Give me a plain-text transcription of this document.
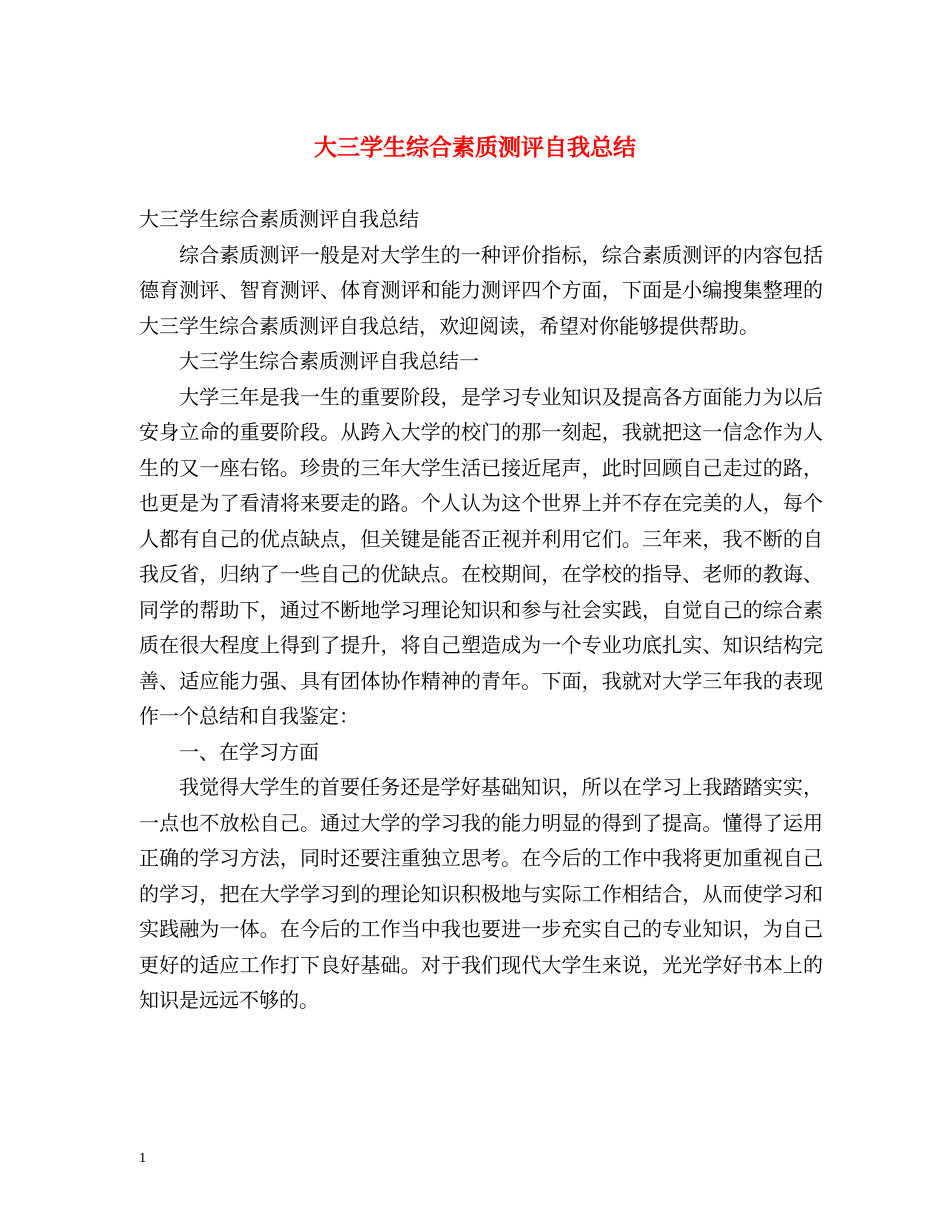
大三学生综合素质测评自我总结

大三学生综合素质测评自我总结

综合素质测评一般是对大学生的一种评价指标，综合素质测评的内容包括德育测评、智育测评、体育测评和能力测评四个方面，下面是小编搜集整理的大三学生综合素质测评自我总结，欢迎阅读，希望对你能够提供帮助。

大三学生综合素质测评自我总结一

大学三年是我一生的重要阶段，是学习专业知识及提高各方面能力为以后安身立命的重要阶段。从跨入大学的校门的那一刻起，我就把这一信念作为人生的又一座右铭。珍贵的三年大学生活已接近尾声，此时回顾自己走过的路，也更是为了看清将来要走的路。个人认为这个世界上并不存在完美的人，每个人都有自己的优点缺点，但关键是能否正视并利用它们。三年来，我不断的自我反省，归纳了一些自己的优缺点。在校期间，在学校的指导、老师的教诲、同学的帮助下，通过不断地学习理论知识和参与社会实践，自觉自己的综合素质在很大程度上得到了提升，将自己塑造成为一个专业功底扎实、知识结构完善、适应能力强、具有团体协作精神的青年。下面，我就对大学三年我的表现作一个总结和自我鉴定：

一、在学习方面

我觉得大学生的首要任务还是学好基础知识，所以在学习上我踏踏实实，一点也不放松自己。通过大学的学习我的能力明显的得到了提高。懂得了运用正确的学习方法，同时还要注重独立思考。在今后的工作中我将更加重视自己的学习，把在大学学习到的理论知识积极地与实际工作相结合，从而使学习和实践融为一体。在今后的工作当中我也要进一步充实自己的专业知识，为自己更好的适应工作打下良好基础。对于我们现代大学生来说，光光学好书本上的知识是远远不够的。

1
